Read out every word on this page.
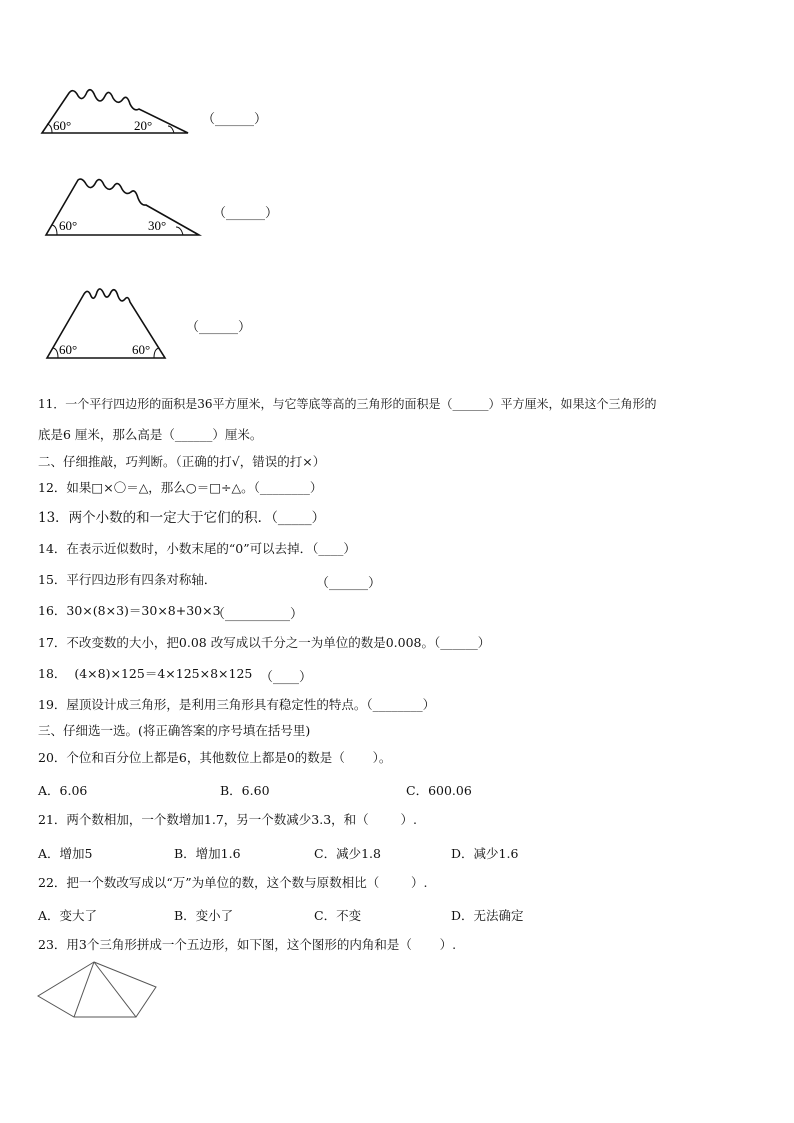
60°	20°	（______）
60°	30°
（______）
60°	60°
（______）
11．一个平行四边形的面积是36平方厘米，与它等底等高的三角形的面积是（______）平方厘米，如果这个三角形的
底是6 厘米，那么高是（______）厘米。
二、仔细推敲，巧判断。（正确的打√，错误的打×）
12．如果□×〇＝△，那么○＝□÷△。（________）
13．两个小数的和一定大于它们的积．（_____）
14．在表示近似数时，小数末尾的“0”可以去掉．（____）
15．平行四边形有四条对称轴．	（______）
16．30×(8×3)＝30×8+30×3
（__________）
17．不改变数的大小，把0.08 改写成以千分之一为单位的数是0.008。（______）
18．  (4×8)×125＝4×125×8×125 （____）
19．屋顶设计成三角形，是利用三角形具有稳定性的特点。（________）
三、仔细选一选。(将正确答案的序号填在括号里)
20．个位和百分位上都是6，其他数位上都是0的数是（       ）。
A．6.06	B．6.60	C．600.06
21．两个数相加，一个数增加1.7，另一个数减少3.3，和（        ）.
A．增加5	B．增加1.6	C．减少1.8	D．减少1.6
22．把一个数改写成以“万”为单位的数，这个数与原数相比（        ）.
A．变大了	B．变小了	C．不变	D．无法确定
23．用3个三角形拼成一个五边形，如下图，这个图形的内角和是（       ）.
